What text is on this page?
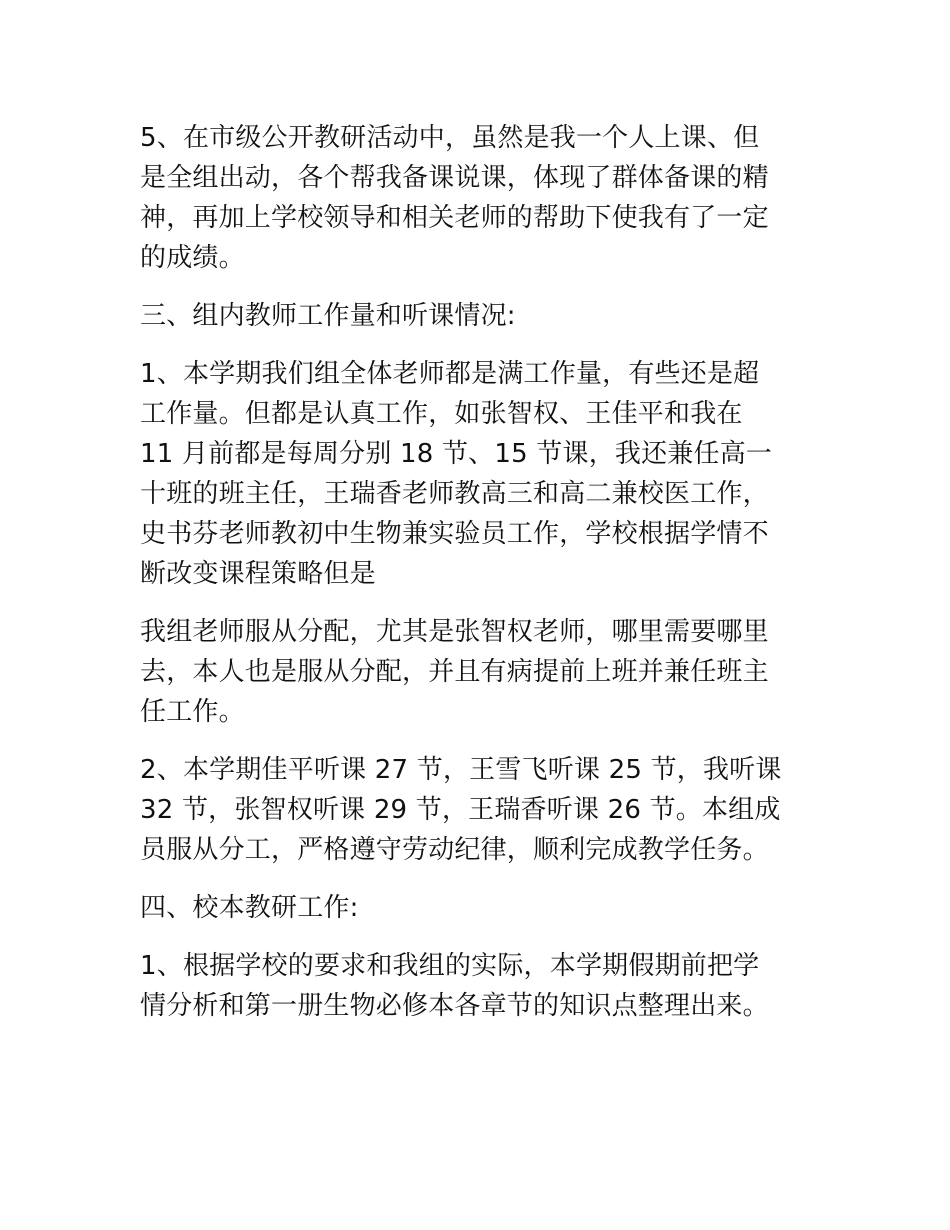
5、在市级公开教研活动中，虽然是我一个人上课、但
是全组出动，各个帮我备课说课，体现了群体备课的精
神，再加上学校领导和相关老师的帮助下使我有了一定
的成绩。

三、组内教师工作量和听课情况:

1、本学期我们组全体老师都是满工作量，有些还是超
工作量。但都是认真工作，如张智权、王佳平和我在
11 月前都是每周分别 18 节、15 节课，我还兼任高一
十班的班主任，王瑞香老师教高三和高二兼校医工作，
史书芬老师教初中生物兼实验员工作，学校根据学情不
断改变课程策略但是

我组老师服从分配，尤其是张智权老师，哪里需要哪里
去，本人也是服从分配，并且有病提前上班并兼任班主
任工作。

2、本学期佳平听课 27 节，王雪飞听课 25 节，我听课
32 节，张智权听课 29 节，王瑞香听课 26 节。本组成
员服从分工，严格遵守劳动纪律，顺利完成教学任务。

四、校本教研工作:

1、根据学校的要求和我组的实际，本学期假期前把学
情分析和第一册生物必修本各章节的知识点整理出来。
